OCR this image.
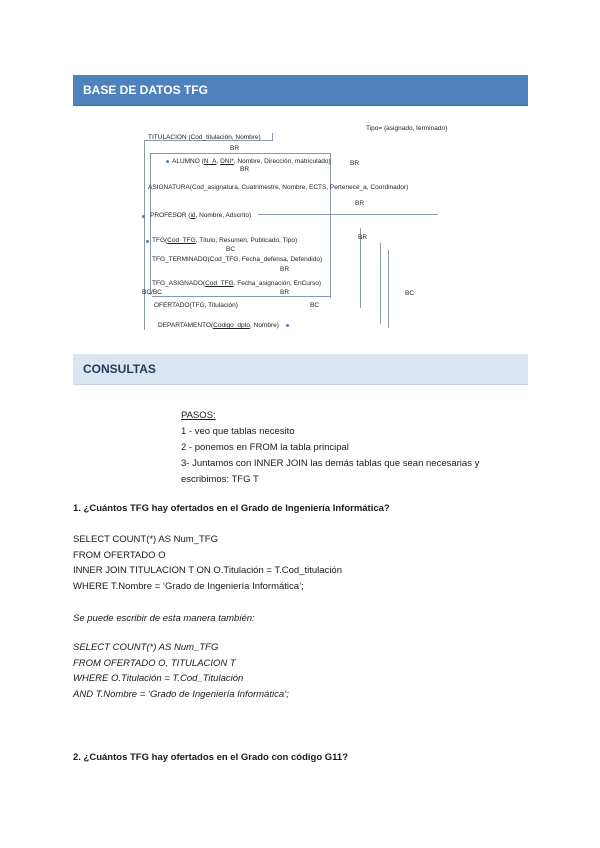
BASE DE DATOS TFG
Tipo= {asignado, terminado}
TITULACION (Cod_titulación, Nombre)
BR
ALUMNO (N_A, DNI*, Nombre, Dirección, matriculado)	BR
BR
ASIGNATURA(Cod_asignatura, Cuatrimestre, Nombre, ECTS, Pertenece_a, Coordinador)
BR
PROFESOR (id, Nombre, Adscrito)
BR
TFG(Cod_TFG, Título, Resumen, Publicado, Tipo)
BC
TFG_TERMINADO(Cod_TFG, Fecha_defensa, Defendido)
BR
TFG_ASIGNADO(Cod_TFG, Fecha_asignación, EnCurso)
BC/BC	BR	BC
OFERTADO(TFG, Titulación)	BC
DEPARTAMENTO(Codigo_dpto, Nombre)
CONSULTAS
PASOS:
1 - veo que tablas necesito
2 - ponemos en FROM la tabla principal
3- Juntamos con INNER JOIN las demás tablas que sean necesarias y
escribimos: TFG T
1. ¿Cuántos TFG hay ofertados en el Grado de Ingeniería Informática?
SELECT COUNT(*) AS Num_TFG
FROM OFERTADO O
INNER JOIN TITULACION T ON O.Titulación = T.Cod_titulación
WHERE T.Nombre = ‘Grado de Ingeniería Informática’;
Se puede escribir de esta manera también:
SELECT COUNT(*) AS Num_TFG
FROM OFERTADO O, TITULACION T
WHERE O.Titulación = T.Cod_Titulación
AND T.Nombre = ‘Grado de Ingeniería Informática’;
2. ¿Cuántos TFG hay ofertados en el Grado con código G11?
